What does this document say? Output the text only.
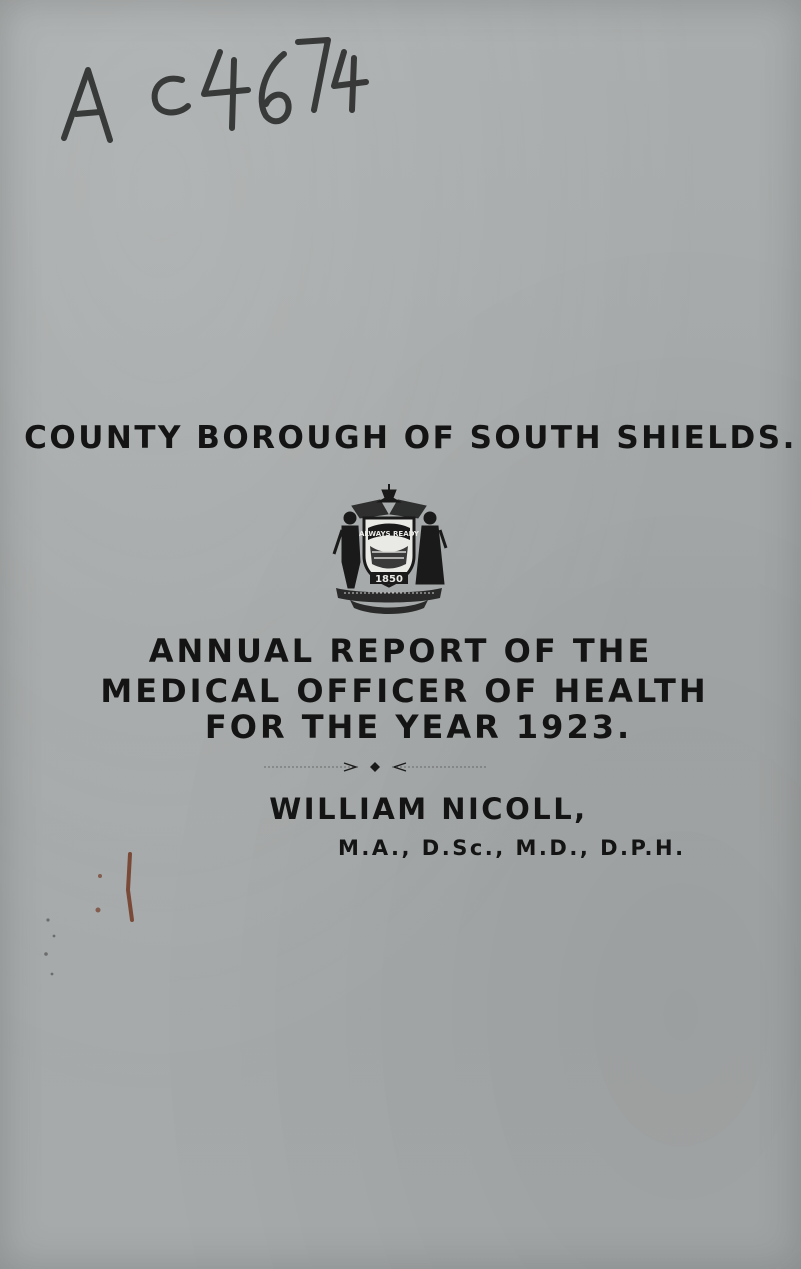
COUNTY BOROUGH OF SOUTH SHIELDS.
ALWAYS READY
1850
ANNUAL REPORT OF THE
MEDICAL OFFICER OF HEALTH
FOR THE YEAR 1923.
WILLIAM NICOLL,
M.A., D.Sc., M.D., D.P.H.
